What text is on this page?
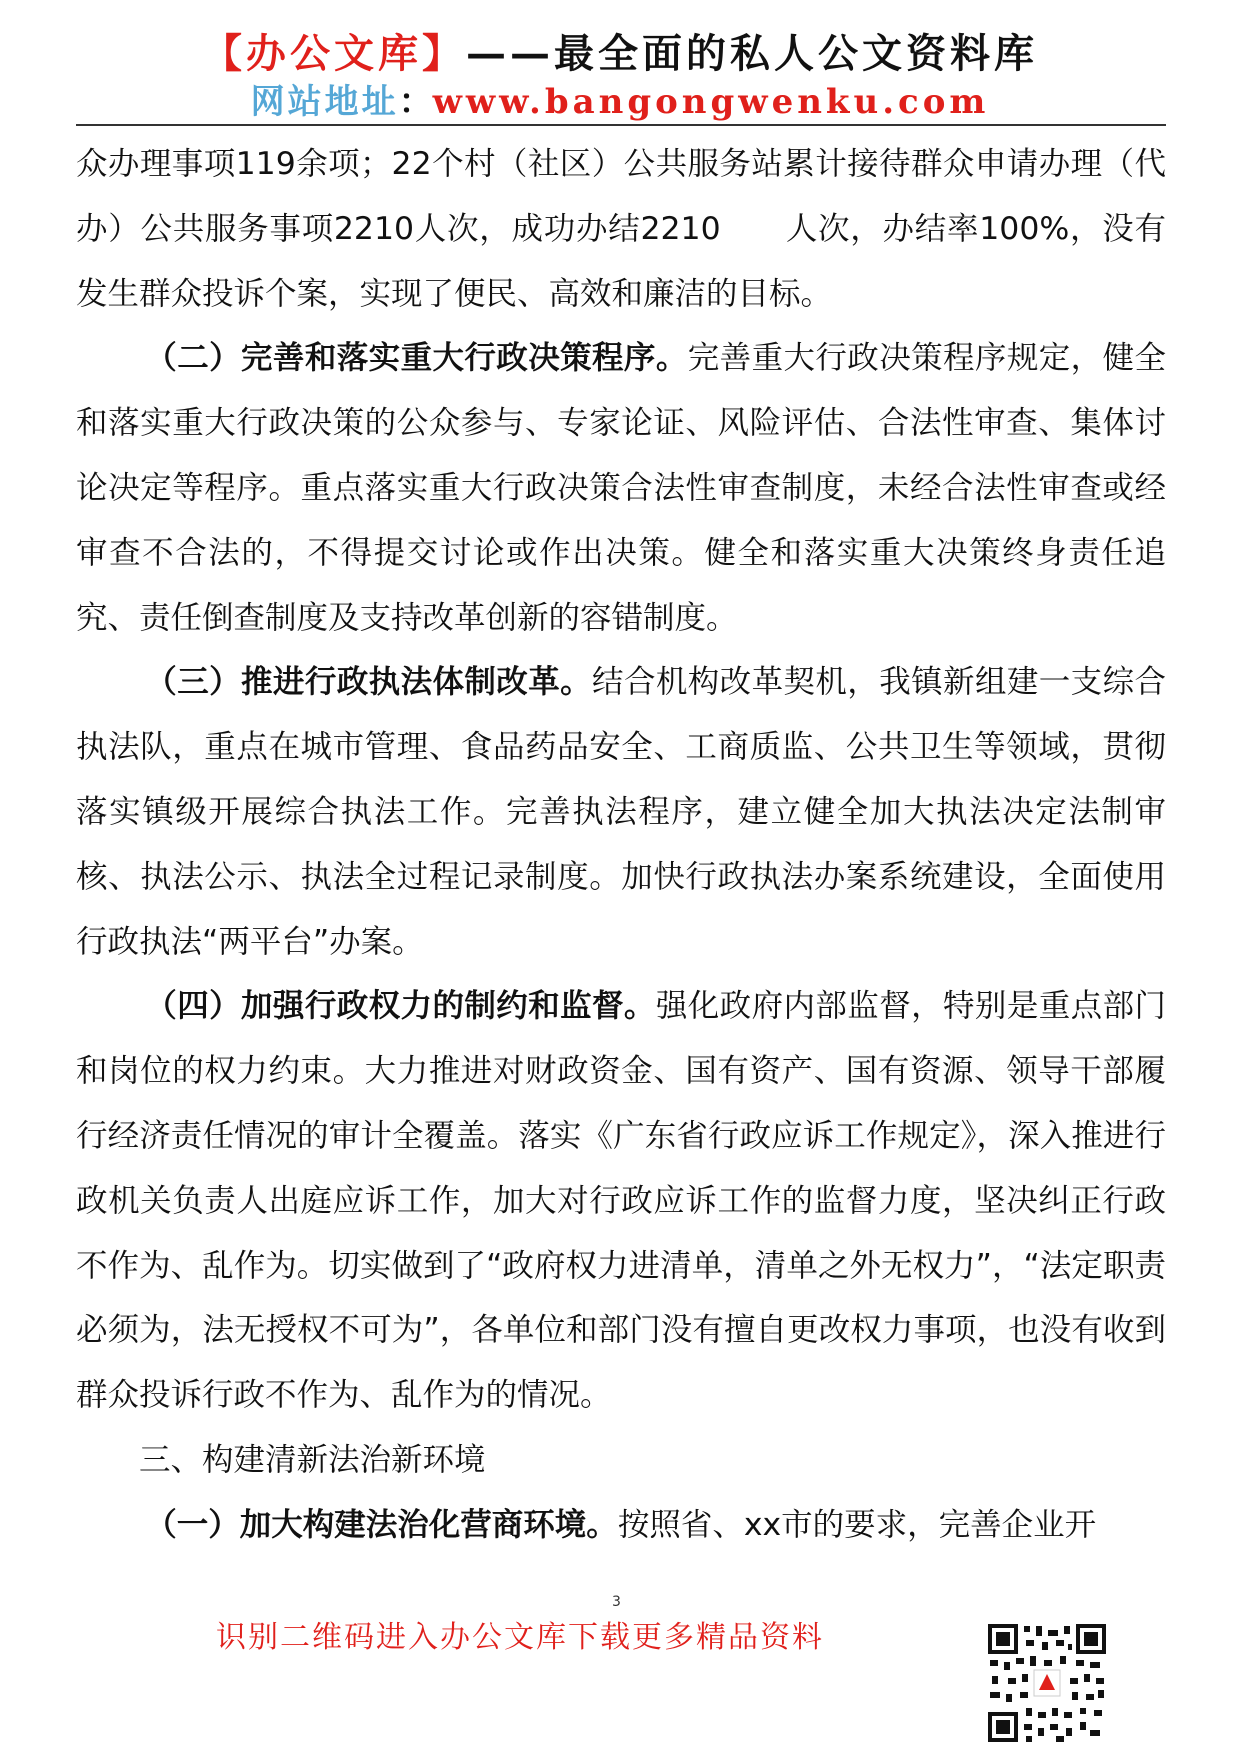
【办公文库】——最全面的私人公文资料库
网站地址：www.bangongwenku.com

众办理事项119余项；22个村（社区）公共服务站累计接待群众申请办理（代办）公共服务事项2210人次，成功办结2210　　人次，办结率100%，没有发生群众投诉个案，实现了便民、高效和廉洁的目标。

（二）完善和落实重大行政决策程序。完善重大行政决策程序规定，健全和落实重大行政决策的公众参与、专家论证、风险评估、合法性审查、集体讨论决定等程序。重点落实重大行政决策合法性审查制度，未经合法性审查或经审查不合法的，不得提交讨论或作出决策。健全和落实重大决策终身责任追究、责任倒查制度及支持改革创新的容错制度。

（三）推进行政执法体制改革。结合机构改革契机，我镇新组建一支综合执法队，重点在城市管理、食品药品安全、工商质监、公共卫生等领域，贯彻落实镇级开展综合执法工作。完善执法程序，建立健全加大执法决定法制审核、执法公示、执法全过程记录制度。加快行政执法办案系统建设，全面使用行政执法“两平台”办案。

（四）加强行政权力的制约和监督。强化政府内部监督，特别是重点部门和岗位的权力约束。大力推进对财政资金、国有资产、国有资源、领导干部履行经济责任情况的审计全覆盖。落实《广东省行政应诉工作规定》，深入推进行政机关负责人出庭应诉工作，加大对行政应诉工作的监督力度，坚决纠正行政不作为、乱作为。切实做到了“政府权力进清单，清单之外无权力”，“法定职责必须为，法无授权不可为”，各单位和部门没有擅自更改权力事项，也没有收到群众投诉行政不作为、乱作为的情况。

三、构建清新法治新环境

（一）加大构建法治化营商环境。按照省、xx市的要求，完善企业开

3
识别二维码进入办公文库下载更多精品资料
